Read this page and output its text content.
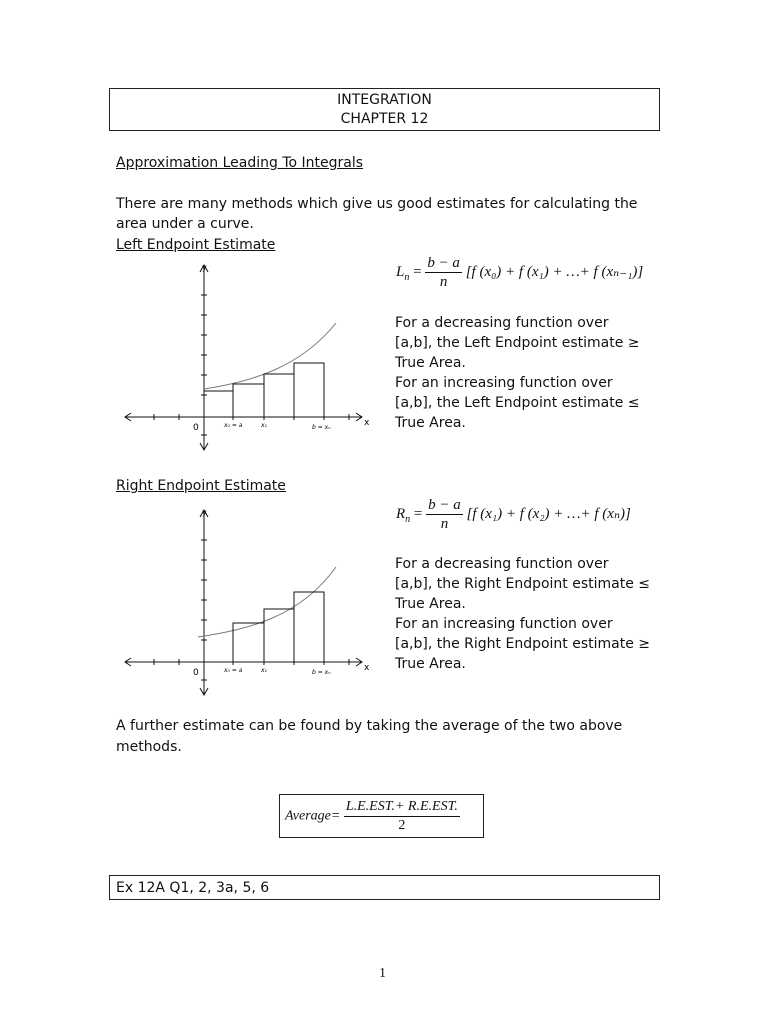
INTEGRATION
CHAPTER 12
Approximation Leading To Integrals
There are many methods which give us good estimates for calculating the
area under a curve.
Left Endpoint Estimate
$L_n = \frac{b - a}{n} [f$ (x₀) + f (x₁) + …+ f (xₙ₋₁)]
For a decreasing function over
[a,b], the Left Endpoint estimate ≥
True Area.
For an increasing function over
[a,b], the Left Endpoint estimate ≤
True Area.
y
x
0	x₀ = a	x₁	b = xₙ
Right Endpoint Estimate
$R_n = \frac{b - a}{n} [f$ (x₁) + f (x₂) + …+ f (xₙ)]
For a decreasing function over
[a,b], the Right Endpoint estimate ≤
True Area.
For an increasing function over
[a,b], the Right Endpoint estimate ≥
True Area.
y
x
0	x₀ = a	x₁	b = xₙ
A further estimate can be found by taking the average of the two above
methods.
Average= $\frac{\text{L.E.EST.+ R.E.EST.}}{2}$
Ex 12A Q1, 2, 3a, 5, 6
1
